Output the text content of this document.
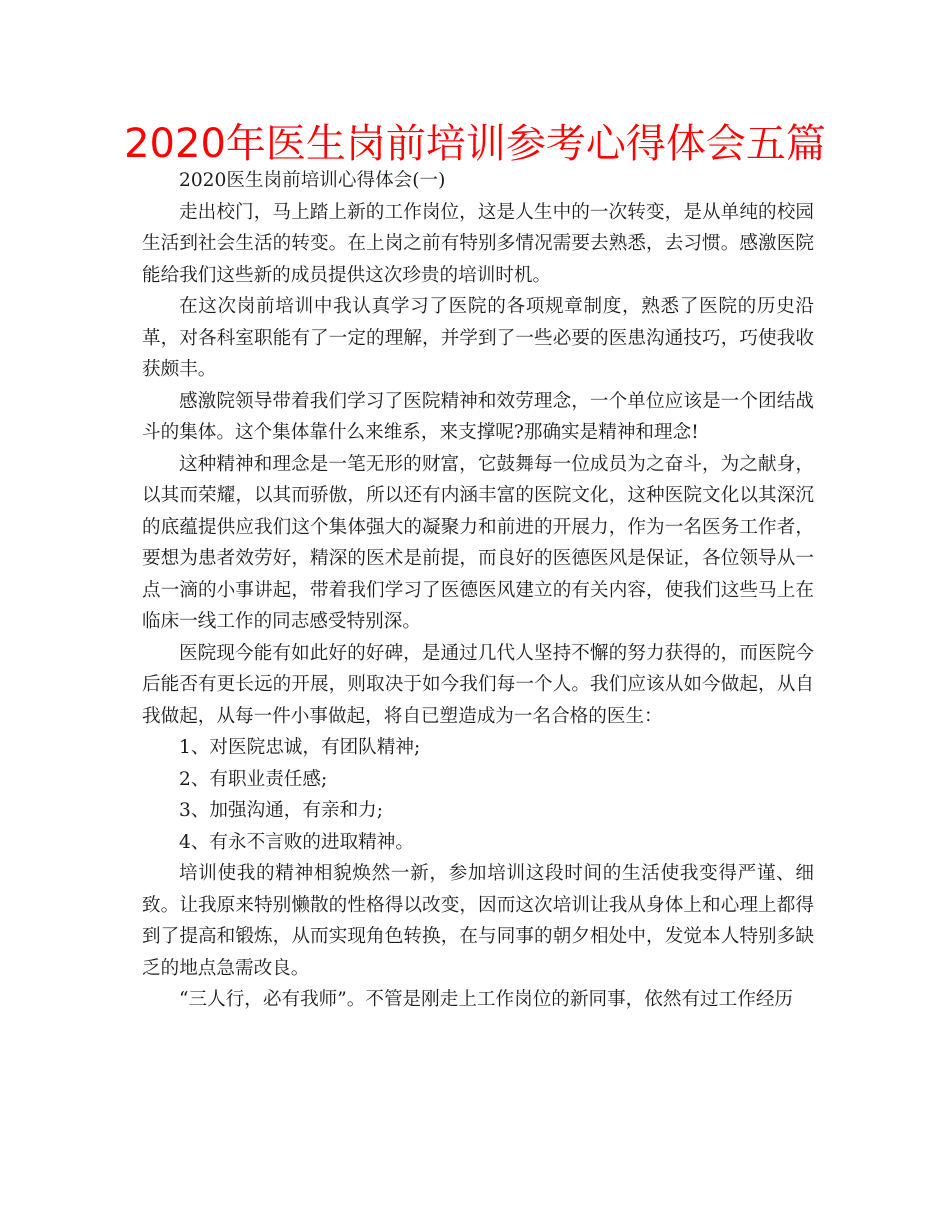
2020年医生岗前培训参考心得体会五篇

2020医生岗前培训心得体会(一)

走出校门，马上踏上新的工作岗位，这是人生中的一次转变，是从单纯的校园生活到社会生活的转变。在上岗之前有特别多情况需要去熟悉，去习惯。感激医院能给我们这些新的成员提供这次珍贵的培训时机。

在这次岗前培训中我认真学习了医院的各项规章制度，熟悉了医院的历史沿革，对各科室职能有了一定的理解，并学到了一些必要的医患沟通技巧，巧使我收获颇丰。

感激院领导带着我们学习了医院精神和效劳理念，一个单位应该是一个团结战斗的集体。这个集体靠什么来维系，来支撑呢?那确实是精神和理念!

这种精神和理念是一笔无形的财富，它鼓舞每一位成员为之奋斗，为之献身，以其而荣耀，以其而骄傲，所以还有内涵丰富的医院文化，这种医院文化以其深沉的底蕴提供应我们这个集体强大的凝聚力和前进的开展力，作为一名医务工作者，要想为患者效劳好，精深的医术是前提，而良好的医德医风是保证，各位领导从一点一滴的小事讲起，带着我们学习了医德医风建立的有关内容，使我们这些马上在临床一线工作的同志感受特别深。

医院现今能有如此好的好碑，是通过几代人坚持不懈的努力获得的，而医院今后能否有更长远的开展，则取决于如今我们每一个人。我们应该从如今做起，从自我做起，从每一件小事做起，将自已塑造成为一名合格的医生：

1、对医院忠诚，有团队精神;

2、有职业责任感;

3、加强沟通，有亲和力;

4、有永不言败的进取精神。

培训使我的精神相貌焕然一新，参加培训这段时间的生活使我变得严谨、细致。让我原来特别懒散的性格得以改变，因而这次培训让我从身体上和心理上都得到了提高和锻炼，从而实现角色转换，在与同事的朝夕相处中，发觉本人特别多缺乏的地点急需改良。

“三人行，必有我师”。不管是刚走上工作岗位的新同事，依然有过工作经历
